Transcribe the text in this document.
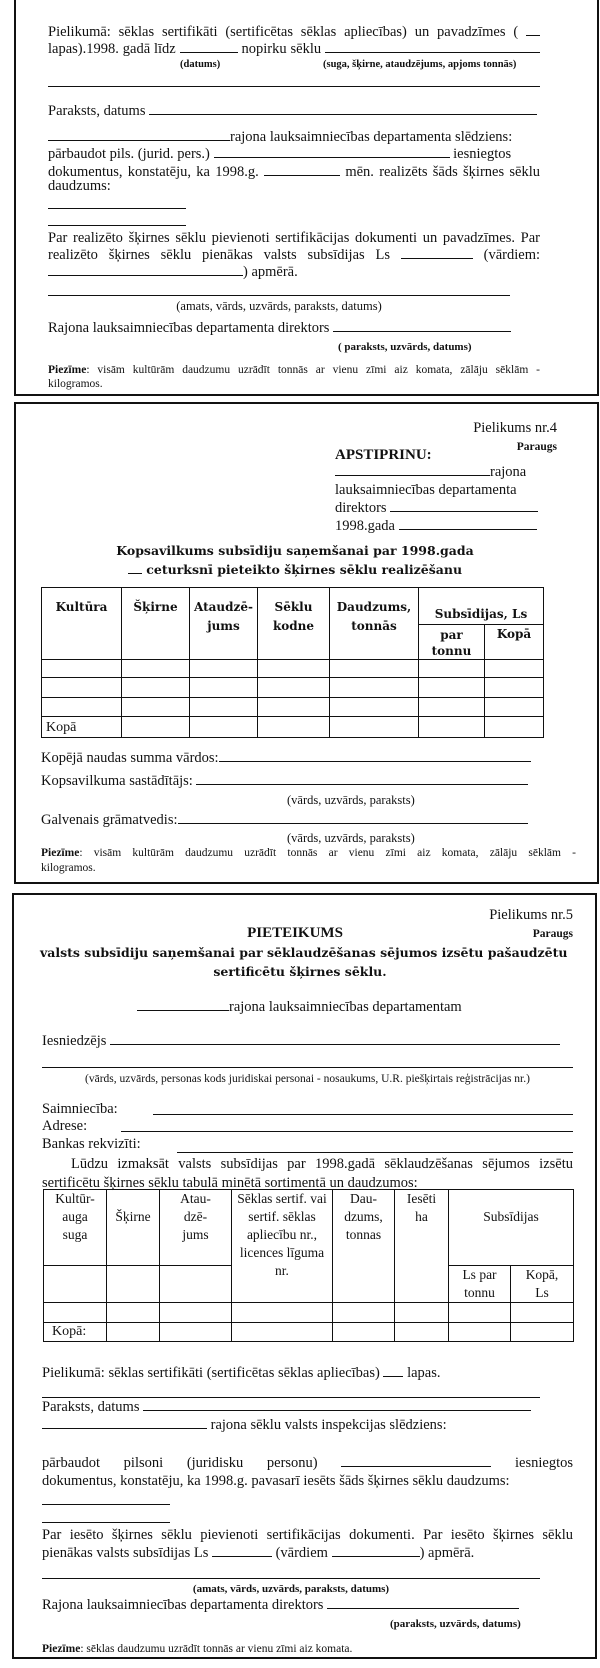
Pielikumā: sēklas sertifikāti (sertificētas sēklas apliecības) un pavadzīmes (
lapas).1998. gadā līdz	nopirku sēklu
(datums)	(suga, šķirne, ataudzējums, apjoms tonnās)
Paraksts, datums
rajona lauksaimniecības departamenta slēdziens:
pārbaudot pils. (jurid. pers.)	iesniegtos
dokumentus, konstatēju, ka 1998.g.	mēn. realizēts šāds šķirnes sēklu
daudzums:
Par realizēto šķirnes sēklu pievienoti sertifikācijas dokumenti un pavadzīmes. Par
realizēto šķirnes sēklu pienākas valsts subsīdijas Ls	(vārdiem:
) apmērā.
(amats, vārds, uzvārds, paraksts, datums)
Rajona lauksaimniecības departamenta direktors
( paraksts, uzvārds, datums)
Piezīme: visām kultūrām daudzumu uzrādīt tonnās ar vienu zīmi aiz komata, zālāju sēklām -
kilogramos.
Pielikums nr.4
Paraugs
APSTIPRINU:
rajona
lauksaimniecības departamenta
direktors
1998.gada
Kopsavilkums subsīdiju saņemšanai par 1998.gada
ceturksnī pieteikto šķirnes sēklu realizēšanu
Kultūra	Šķirne	Ataudzē-jums	Sēklu kodne	Daudzums, tonnās	Subsīdijas, Ls	
					par tonnu	Kopā

Kopā						
Kopējā naudas summa vārdos:
Kopsavilkuma sastādītājs:
(vārds, uzvārds, paraksts)
Galvenais grāmatvedis:
(vārds, uzvārds, paraksts)
Piezīme: visām kultūrām daudzumu uzrādīt tonnās ar vienu zīmi aiz komata, zālāju sēklām -
kilogramos.
Pielikums nr.5
Paraugs
PIETEIKUMS
valsts subsīdiju saņemšanai par sēklaudzēšanas sējumos izsētu pašaudzētu
sertificētu šķirnes sēklu.
rajona lauksaimniecības departamentam
Iesniedzējs
(vārds, uzvārds, personas kods juridiskai personai - nosaukums, U.R. piešķirtais reģistrācijas nr.)
Saimniecība:
Adrese:
Bankas rekvizīti:
Lūdzu izmaksāt valsts subsīdijas par 1998.gadā sēklaudzēšanas sējumos izsētu
sertificētu šķirnes sēklu tabulā minētā sortimentā un daudzumos:
Kultūr-auga suga	Šķirne	Atau-dzē-jums	Sēklas sertif. vai sertif. sēklas apliecību nr., licences līguma nr.	Dau-dzums, tonnas	Iesēti ha	Subsīdijas	
						Ls par tonnu	Kopā, Ls

Kopā:							
Pielikumā: sēklas sertifikāti (sertificētas sēklas apliecības) lapas.
Paraksts, datums
rajona sēklu valsts inspekcijas slēdziens:
pārbaudot pilsoni (juridisku personu)	iesniegtos
dokumentus, konstatēju, ka 1998.g. pavasarī iesēts šāds šķirnes sēklu daudzums:
Par iesēto šķirnes sēklu pievienoti sertifikācijas dokumenti. Par iesēto šķirnes sēklu
pienākas valsts subsīdijas Ls	(vārdiem	) apmērā.
(amats, vārds, uzvārds, paraksts, datums)
Rajona lauksaimniecības departamenta direktors
(paraksts, uzvārds, datums)
Piezīme: sēklas daudzumu uzrādīt tonnās ar vienu zīmi aiz komata.
